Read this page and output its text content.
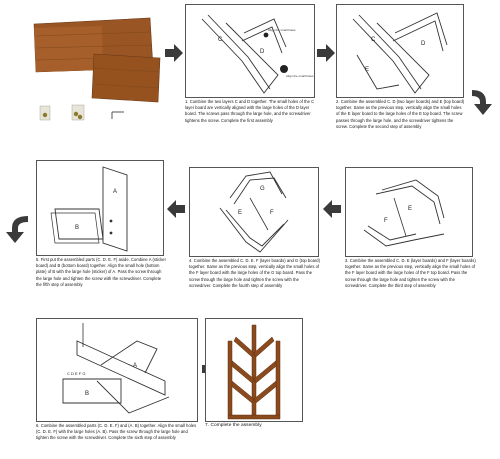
C
D
Align the small holes
Align the small holes

1. Combine the two layers C and D together. The small holes of the C layer board are vertically aligned with the large holes of the D layer board. The screws pass through the large hole, and the screwdriver tightens the screw. Complete the first assembly

C
D
E

2. Combine the assembled C. D (two layer boards) and E (top board) together. Same as the previous step, vertically align the small holes of the E layer board to the large holes of the E top board. The screw passes through the large hole, and the screwdriver tightens the screw. Complete the second step of assembly

A
B

5. First put the assembled parts (C. D. E. F) aside. Combine A (sticker board) and B (bottom board) together. Align the small hole (bottom plate) of B with the large hole (sticker) of A. Pass the screw through the large hole and tighten the screw with the screwdriver. Complete the fifth step of assembly

E	F
G

4. Combine the assembled C. D. E. F (layer boards) and G (top board) together. Same as the previous step, vertically align the small holes of the F layer board with the large holes of the G top board. Pass the screw through the large hole and tighten the screw with the screwdriver. Complete the fourth step of assembly

E
F

3. Combine the assembled C. D. E (layer boards) and F (layer boards) together. Same as the previous step, vertically align the small holes of the F layer board with the large holes of the F top board. Pass the screw through the large hole and tighten the screw with the screwdriver. Complete the third step of assembly

A
B
C D E F G

6. Combine the assembled parts (C. D. E. F) and (A. B) together. Align the small holes (C. D. E. F) with the large holes (A. B). Pass the screw through the large hole and tighten the screw with the screwdriver. Complete the sixth step of assembly

7. Complete the assembly
